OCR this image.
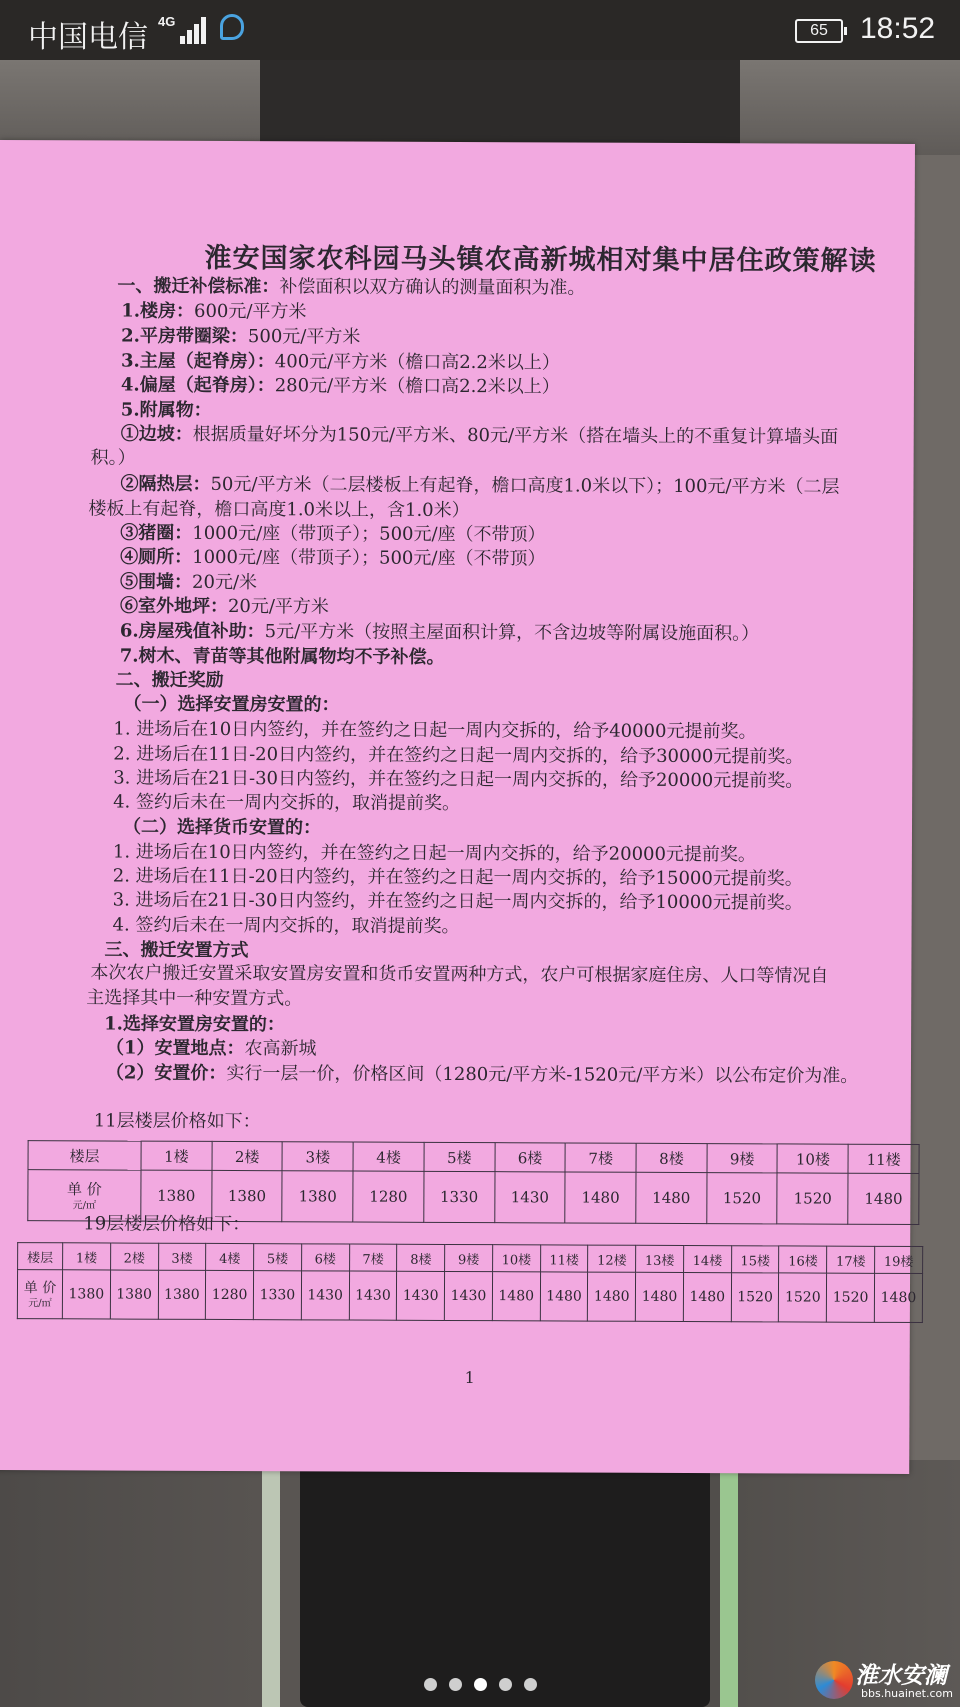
中国电信 4G
65	18:52
淮安国家农科园马头镇农高新城相对集中居住政策解读
一、搬迁补偿标准：补偿面积以双方确认的测量面积为准。
1.楼房：600元/平方米
2.平房带圈梁：500元/平方米
3.主屋（起脊房）：400元/平方米（檐口高2.2米以上）
4.偏屋（起脊房）：280元/平方米（檐口高2.2米以上）
5.附属物：
①边坡：根据质量好坏分为150元/平方米、80元/平方米（搭在墙头上的不重复计算墙头面
积。）
②隔热层：50元/平方米（二层楼板上有起脊，檐口高度1.0米以下）；100元/平方米（二层
楼板上有起脊，檐口高度1.0米以上，含1.0米）
③猪圈：1000元/座（带顶子）；500元/座（不带顶）
④厕所：1000元/座（带顶子）；500元/座（不带顶）
⑤围墙：20元/米
⑥室外地坪：20元/平方米
6.房屋残值补助：5元/平方米（按照主屋面积计算，不含边坡等附属设施面积。）
7.树木、青苗等其他附属物均不予补偿。
二、搬迁奖励
（一）选择安置房安置的：
1. 进场后在10日内签约，并在签约之日起一周内交拆的，给予40000元提前奖。
2. 进场后在11日-20日内签约，并在签约之日起一周内交拆的，给予30000元提前奖。
3. 进场后在21日-30日内签约，并在签约之日起一周内交拆的，给予20000元提前奖。
4. 签约后未在一周内交拆的，取消提前奖。
（二）选择货币安置的：
1. 进场后在10日内签约，并在签约之日起一周内交拆的，给予20000元提前奖。
2. 进场后在11日-20日内签约，并在签约之日起一周内交拆的，给予15000元提前奖。
3. 进场后在21日-30日内签约，并在签约之日起一周内交拆的，给予10000元提前奖。
4. 签约后未在一周内交拆的，取消提前奖。
三、搬迁安置方式
本次农户搬迁安置采取安置房安置和货币安置两种方式，农户可根据家庭住房、人口等情况自
主选择其中一种安置方式。
1.选择安置房安置的：
（1）安置地点：农高新城
（2）安置价：实行一层一价，价格区间（1280元/平方米-1520元/平方米）以公布定价为准。
11层楼层价格如下：
楼层	1楼	2楼	3楼	4楼	5楼	6楼	7楼	8楼	9楼	10楼	11楼
单 价
元/㎡	1380	1380	1380	1280	1330	1430	1480	1480	1520	1520	1480
19层楼层价格如下：
楼层	1楼	2楼	3楼	4楼	5楼	6楼	7楼	8楼	9楼	10楼	11楼	12楼	13楼	14楼	15楼	16楼	17楼	19楼
单 价
元/㎡	1380	1380	1380	1280	1330	1430	1430	1430	1430	1480	1480	1480	1480	1480	1520	1520	1520	1480
1
淮水安澜
bbs.huainet.com
